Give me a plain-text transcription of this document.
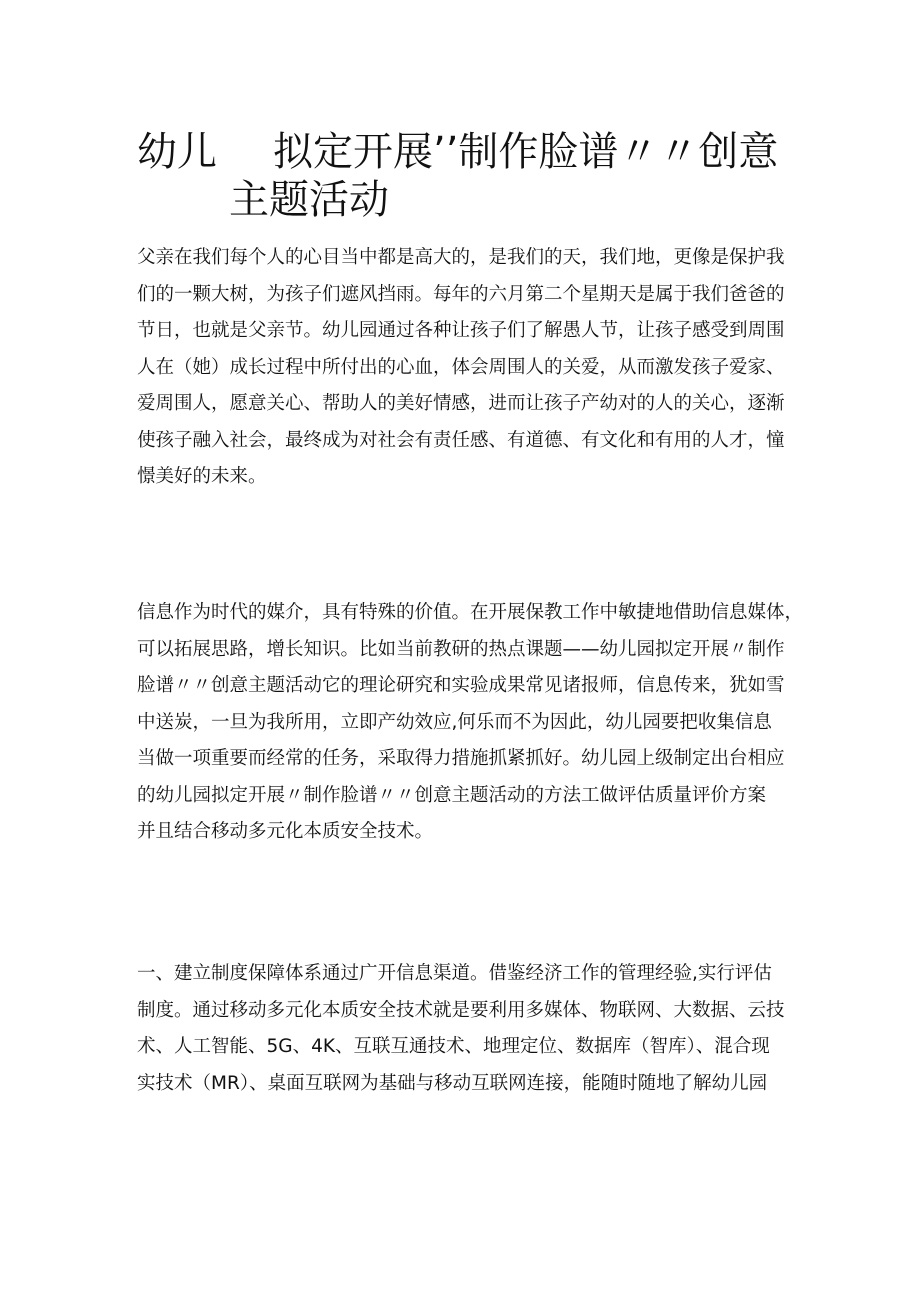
幼儿 拟定开展’’制作脸谱〃〃创意
主题活动

父亲在我们每个人的心目当中都是高大的，是我们的天，我们地，更像是保护我
们的一颗大树，为孩子们遮风挡雨。每年的六月第二个星期天是属于我们爸爸的
节日，也就是父亲节。幼儿园通过各种让孩子们了解愚人节，让孩子感受到周围
人在（她）成长过程中所付出的心血，体会周围人的关爱，从而激发孩子爱家、
爱周围人，愿意关心、帮助人的美好情感，进而让孩子产幼对的人的关心，逐渐
使孩子融入社会，最终成为对社会有责任感、有道德、有文化和有用的人才，憧
憬美好的未来。

信息作为时代的媒介，具有特殊的价值。在开展保教工作中敏捷地借助信息媒体，
可以拓展思路，增长知识。比如当前教研的热点课题——幼儿园拟定开展〃制作
脸谱〃〃创意主题活动它的理论研究和实验成果常见诸报师，信息传来，犹如雪
中送炭，一旦为我所用，立即产幼效应,何乐而不为因此，幼儿园要把收集信息
当做一项重要而经常的任务，采取得力措施抓紧抓好。幼儿园上级制定出台相应
的幼儿园拟定开展〃制作脸谱〃〃创意主题活动的方法工做评估质量评价方案
并且结合移动多元化本质安全技术。

一、建立制度保障体系通过广开信息渠道。借鉴经济工作的管理经验,实行评估
制度。通过移动多元化本质安全技术就是要利用多媒体、物联网、大数据、云技
术、人工智能、5G、4K、互联互通技术、地理定位、数据库（智库）、混合现
实技术（MR）、桌面互联网为基础与移动互联网连接，能随时随地了解幼儿园
